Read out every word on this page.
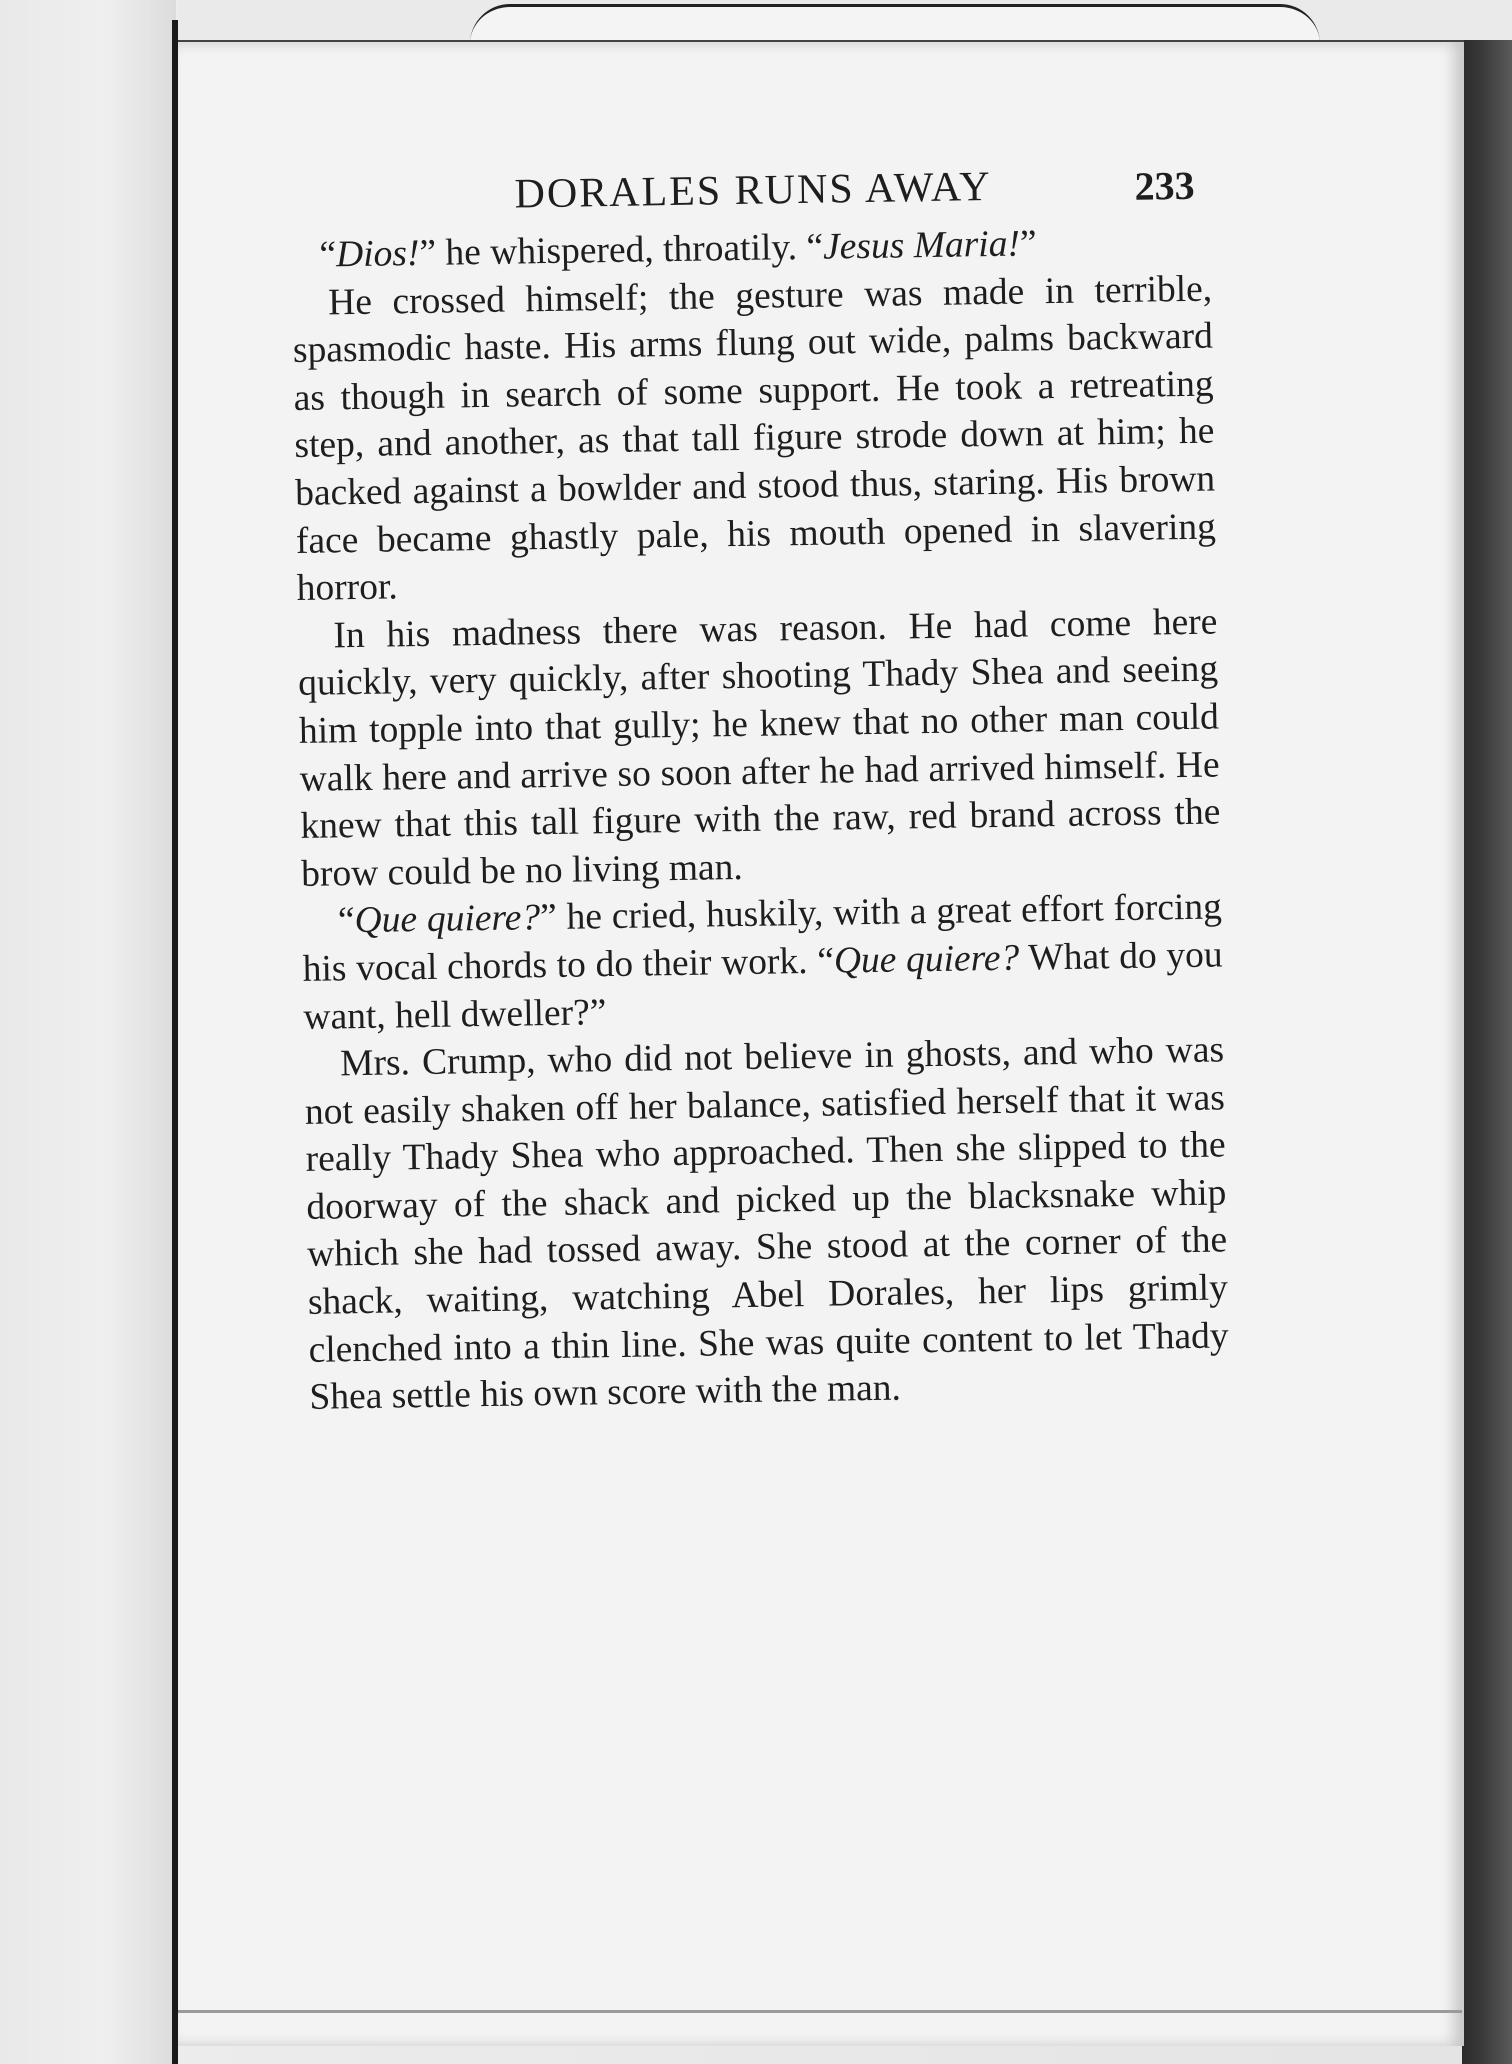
DORALES RUNS AWAY	233

“Dios!” he whispered, throatily. “Jesus Maria!”

He crossed himself; the gesture was made in terrible, spasmodic haste. His arms flung out wide, palms backward as though in search of some support. He took a retreating step, and another, as that tall figure strode down at him; he backed against a bowlder and stood thus, staring. His brown face became ghastly pale, his mouth opened in slavering horror.

In his madness there was reason. He had come here quickly, very quickly, after shooting Thady Shea and seeing him topple into that gully; he knew that no other man could walk here and arrive so soon after he had arrived himself. He knew that this tall figure with the raw, red brand across the brow could be no living man.

“Que quiere?” he cried, huskily, with a great effort forcing his vocal chords to do their work. “Que quiere? What do you want, hell dweller?”

Mrs. Crump, who did not believe in ghosts, and who was not easily shaken off her balance, satisfied herself that it was really Thady Shea who approached. Then she slipped to the doorway of the shack and picked up the blacksnake whip which she had tossed away. She stood at the corner of the shack, waiting, watching Abel Dorales, her lips grimly clenched into a thin line. She was quite content to let Thady Shea settle his own score with the man.
